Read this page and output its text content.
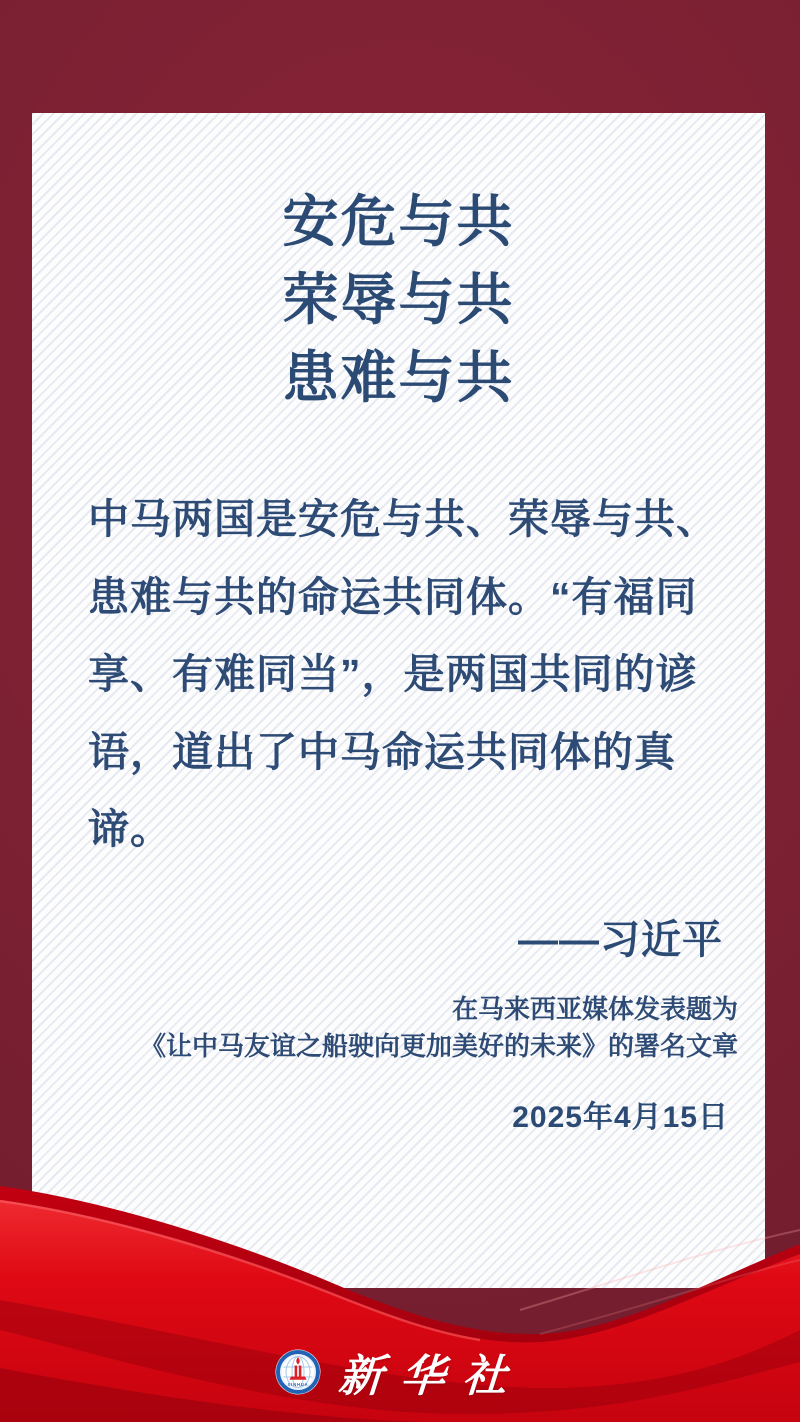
安危与共
荣辱与共
患难与共
中马两国是安危与共、荣辱与共、
患难与共的命运共同体。“有福同
享、有难同当”，是两国共同的谚
语，道出了中马命运共同体的真
谛。
——习近平
在马来西亚媒体发表题为
《让中马友谊之船驶向更加美好的未来》的署名文章
2025年4月15日
XINHUA 新华社
